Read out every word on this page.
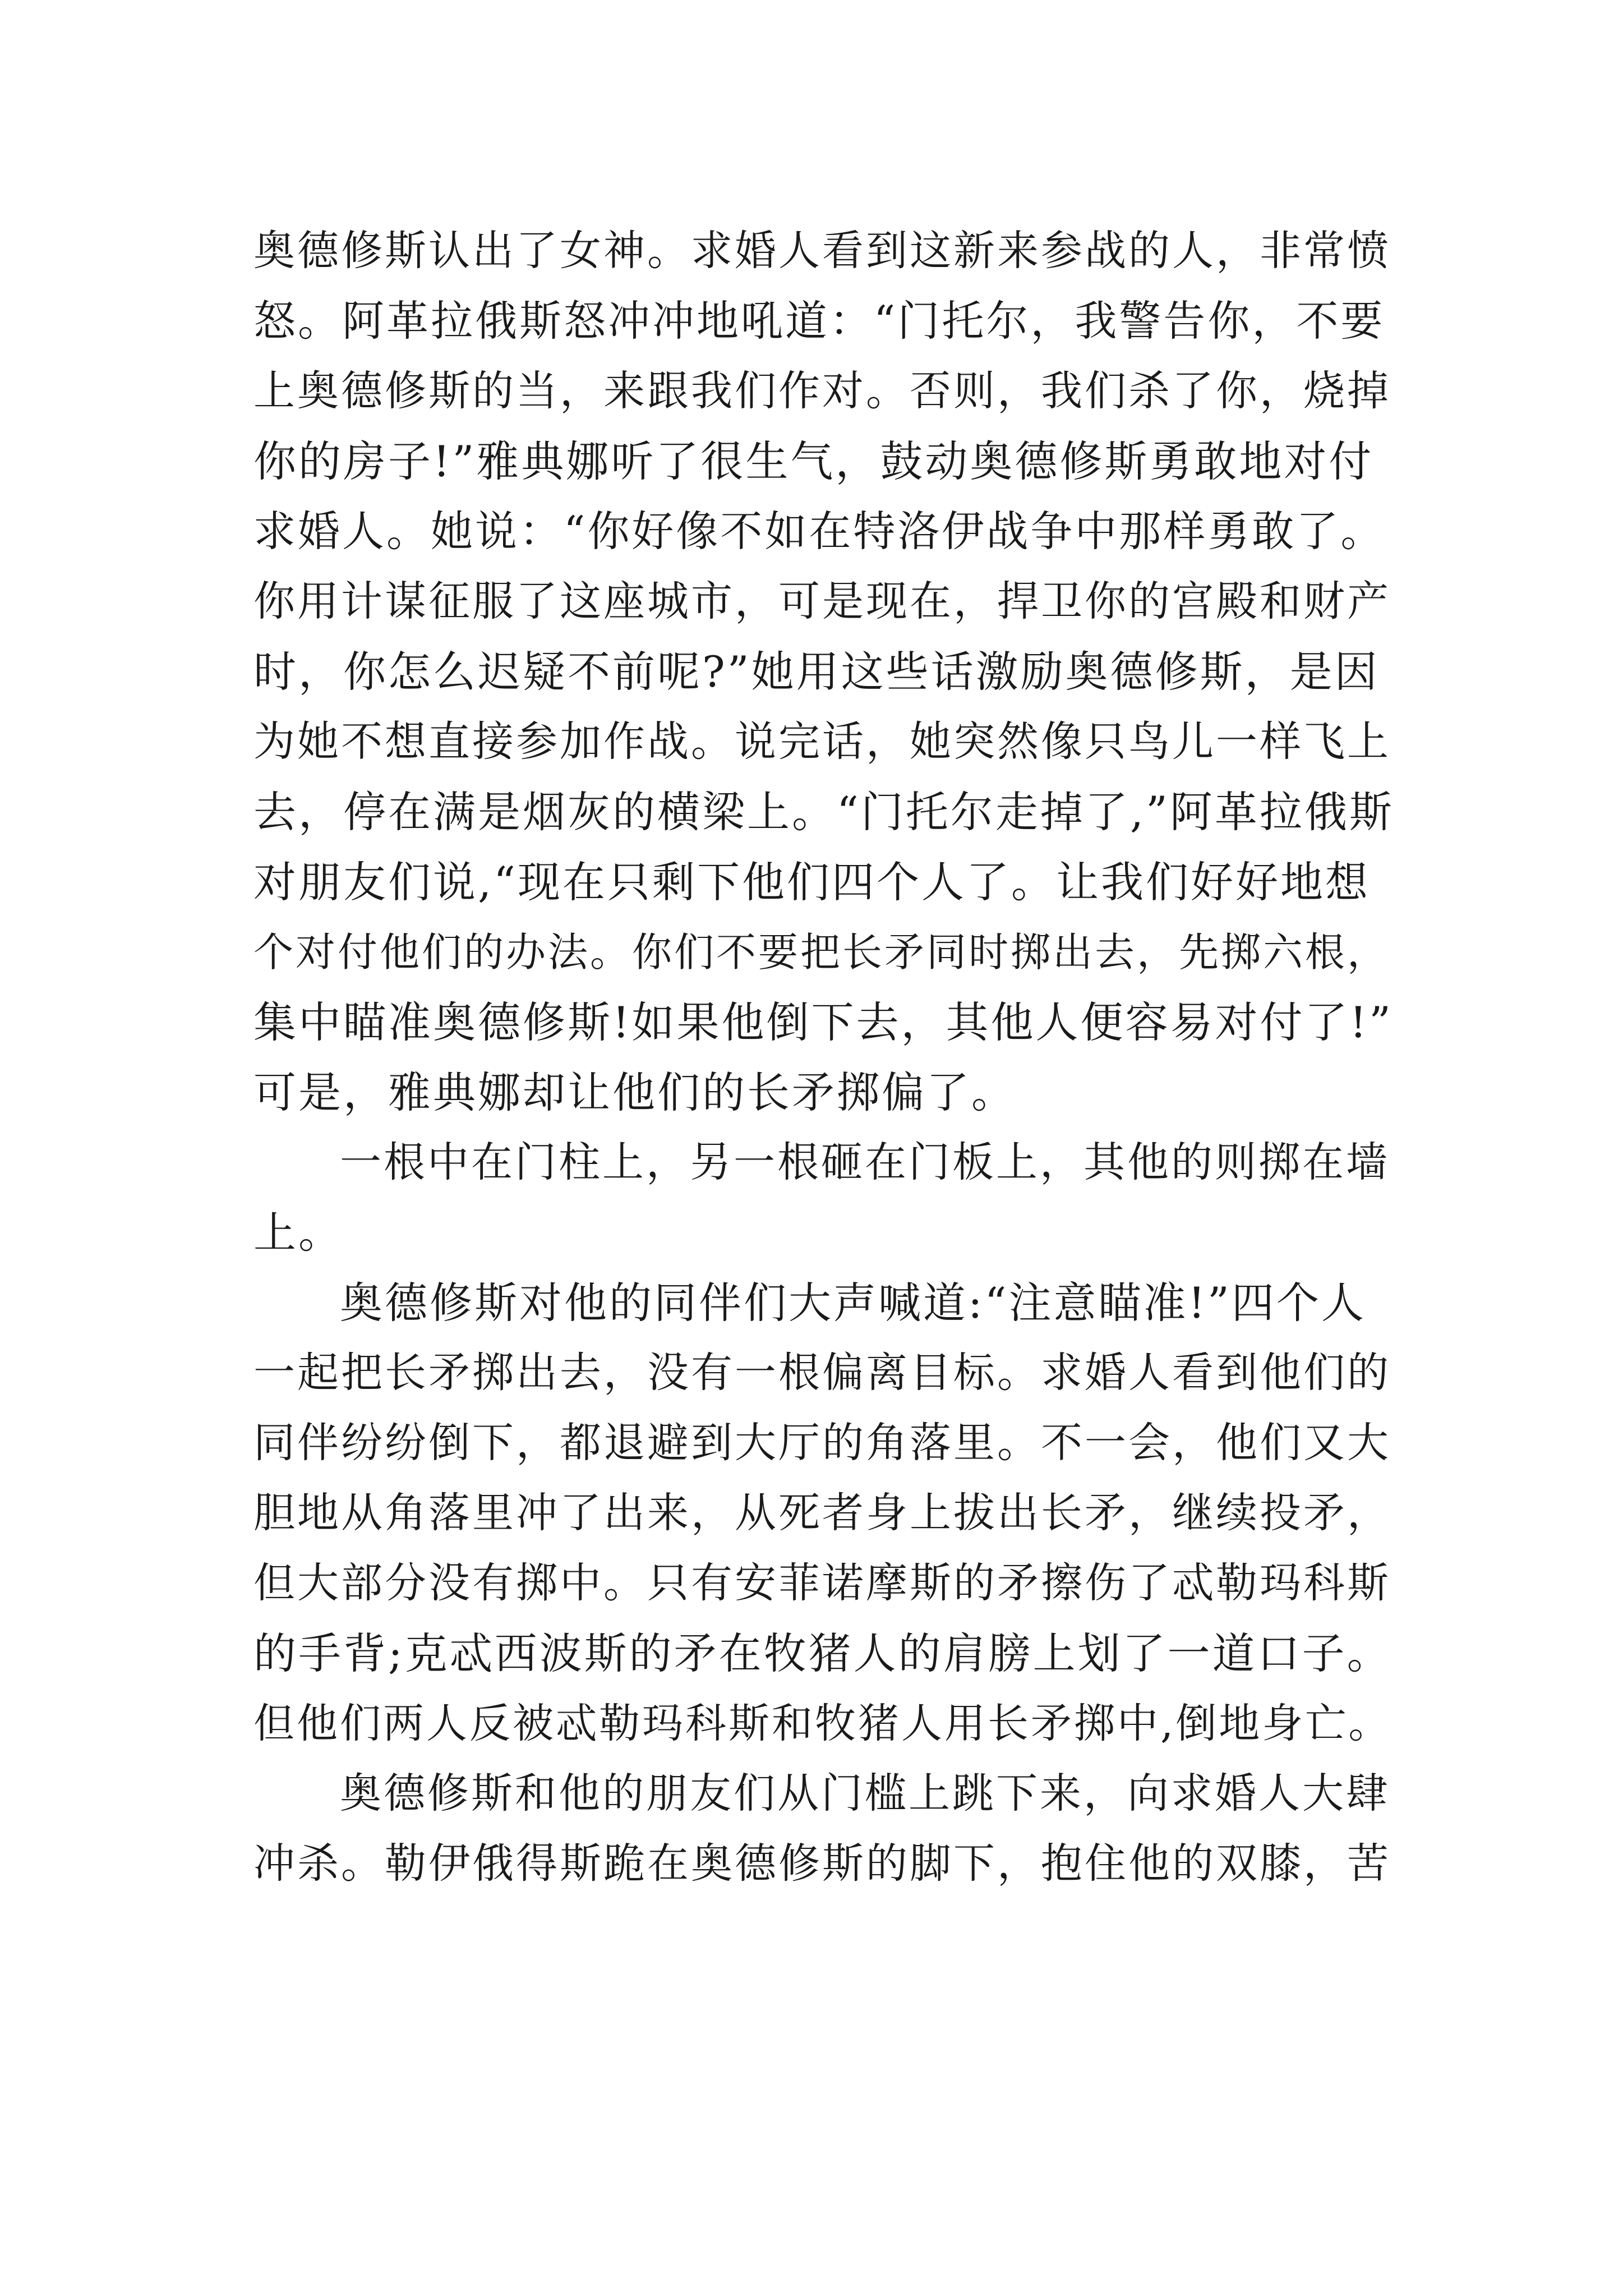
奥德修斯认出了女神。求婚人看到这新来参战的人，非常愤
怒。阿革拉俄斯怒冲冲地吼道：“门托尔，我警告你，不要
上奥德修斯的当，来跟我们作对。否则，我们杀了你，烧掉
你的房子!”雅典娜听了很生气，鼓动奥德修斯勇敢地对付
求婚人。她说：“你好像不如在特洛伊战争中那样勇敢了。
你用计谋征服了这座城市，可是现在，捍卫你的宫殿和财产
时，你怎么迟疑不前呢?”她用这些话激励奥德修斯，是因
为她不想直接参加作战。说完话，她突然像只鸟儿一样飞上
去，停在满是烟灰的横梁上。“门托尔走掉了,”阿革拉俄斯
对朋友们说,“现在只剩下他们四个人了。让我们好好地想
个对付他们的办法。你们不要把长矛同时掷出去，先掷六根，
集中瞄准奥德修斯!如果他倒下去，其他人便容易对付了!”
可是，雅典娜却让他们的长矛掷偏了。
一根中在门柱上，另一根砸在门板上，其他的则掷在墙
上。
奥德修斯对他的同伴们大声喊道:“注意瞄准!”四个人
一起把长矛掷出去，没有一根偏离目标。求婚人看到他们的
同伴纷纷倒下，都退避到大厅的角落里。不一会，他们又大
胆地从角落里冲了出来，从死者身上拔出长矛，继续投矛，
但大部分没有掷中。只有安菲诺摩斯的矛擦伤了忒勒玛科斯
的手背;克忒西波斯的矛在牧猪人的肩膀上划了一道口子。
但他们两人反被忒勒玛科斯和牧猪人用长矛掷中,倒地身亡。
奥德修斯和他的朋友们从门槛上跳下来，向求婚人大肆
冲杀。勒伊俄得斯跪在奥德修斯的脚下，抱住他的双膝，苦
